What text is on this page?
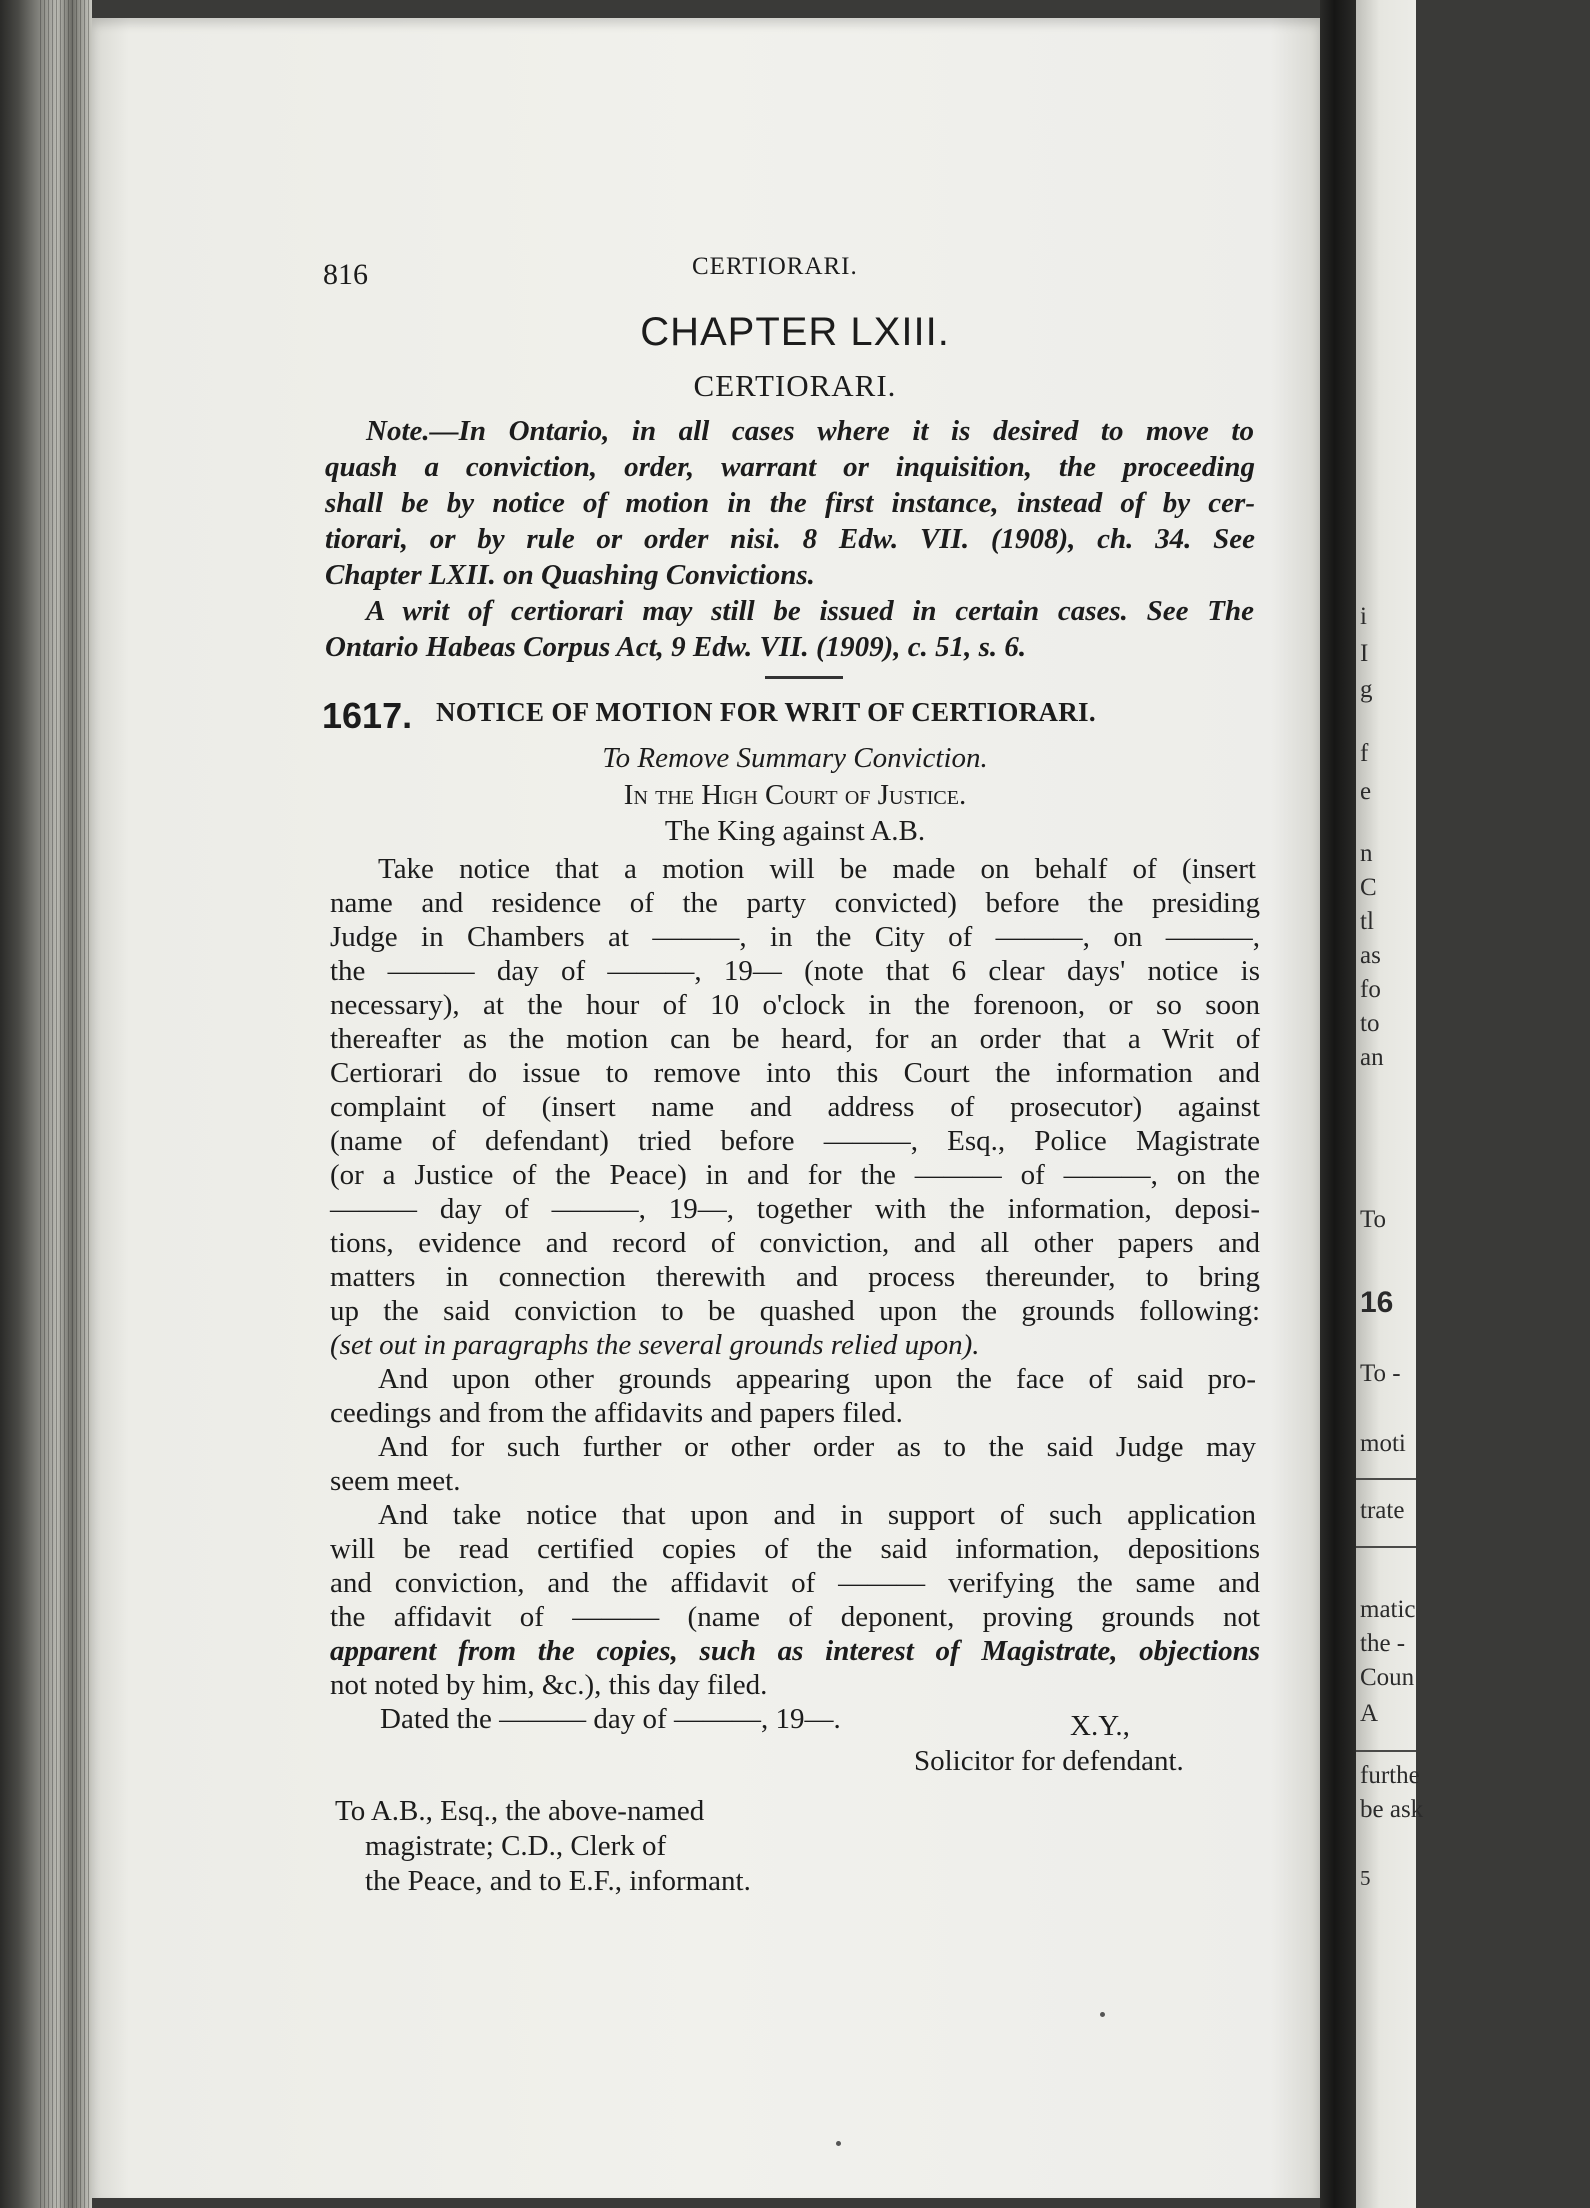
i
I
g
f
e
n
C
tl
as
fo
to
an
To
16
To -
moti
trate
matic
the -
Coun
A
furthe
be ask
5
816	CERTIORARI.
CHAPTER LXIII.
CERTIORARI.
Note.—In Ontario, in all cases where it is desired to move to
quash a conviction, order, warrant or inquisition, the proceeding
shall be by notice of motion in the first instance, instead of by cer-
tiorari, or by rule or order nisi. 8 Edw. VII. (1908), ch. 34. See
Chapter LXII. on Quashing Convictions.
A writ of certiorari may still be issued in certain cases. See The
Ontario Habeas Corpus Act, 9 Edw. VII. (1909), c. 51, s. 6.
1617. NOTICE OF MOTION FOR WRIT OF CERTIORARI.
To Remove Summary Conviction.
In the High Court of Justice.
The King against A.B.
Take notice that a motion will be made on behalf of (insert
name and residence of the party convicted) before the presiding
Judge in Chambers at ———, in the City of ———, on ———,
the ——— day of ———, 19— (note that 6 clear days' notice is
necessary), at the hour of 10 o'clock in the forenoon, or so soon
thereafter as the motion can be heard, for an order that a Writ of
Certiorari do issue to remove into this Court the information and
complaint of (insert name and address of prosecutor) against
(name of defendant) tried before ———, Esq., Police Magistrate
(or a Justice of the Peace) in and for the ——— of ———, on the
——— day of ———, 19—, together with the information, deposi-
tions, evidence and record of conviction, and all other papers and
matters in connection therewith and process thereunder, to bring
up the said conviction to be quashed upon the grounds following:
(set out in paragraphs the several grounds relied upon).
And upon other grounds appearing upon the face of said pro-
ceedings and from the affidavits and papers filed.
And for such further or other order as to the said Judge may
seem meet.
And take notice that upon and in support of such application
will be read certified copies of the said information, depositions
and conviction, and the affidavit of ——— verifying the same and
the affidavit of ——— (name of deponent, proving grounds not
apparent from the copies, such as interest of Magistrate, objections
not noted by him, &c.), this day filed.
Dated the ——— day of ———, 19—.	X.Y.,
Solicitor for defendant.
To A.B., Esq., the above-named
magistrate; C.D., Clerk of
the Peace, and to E.F., informant.
